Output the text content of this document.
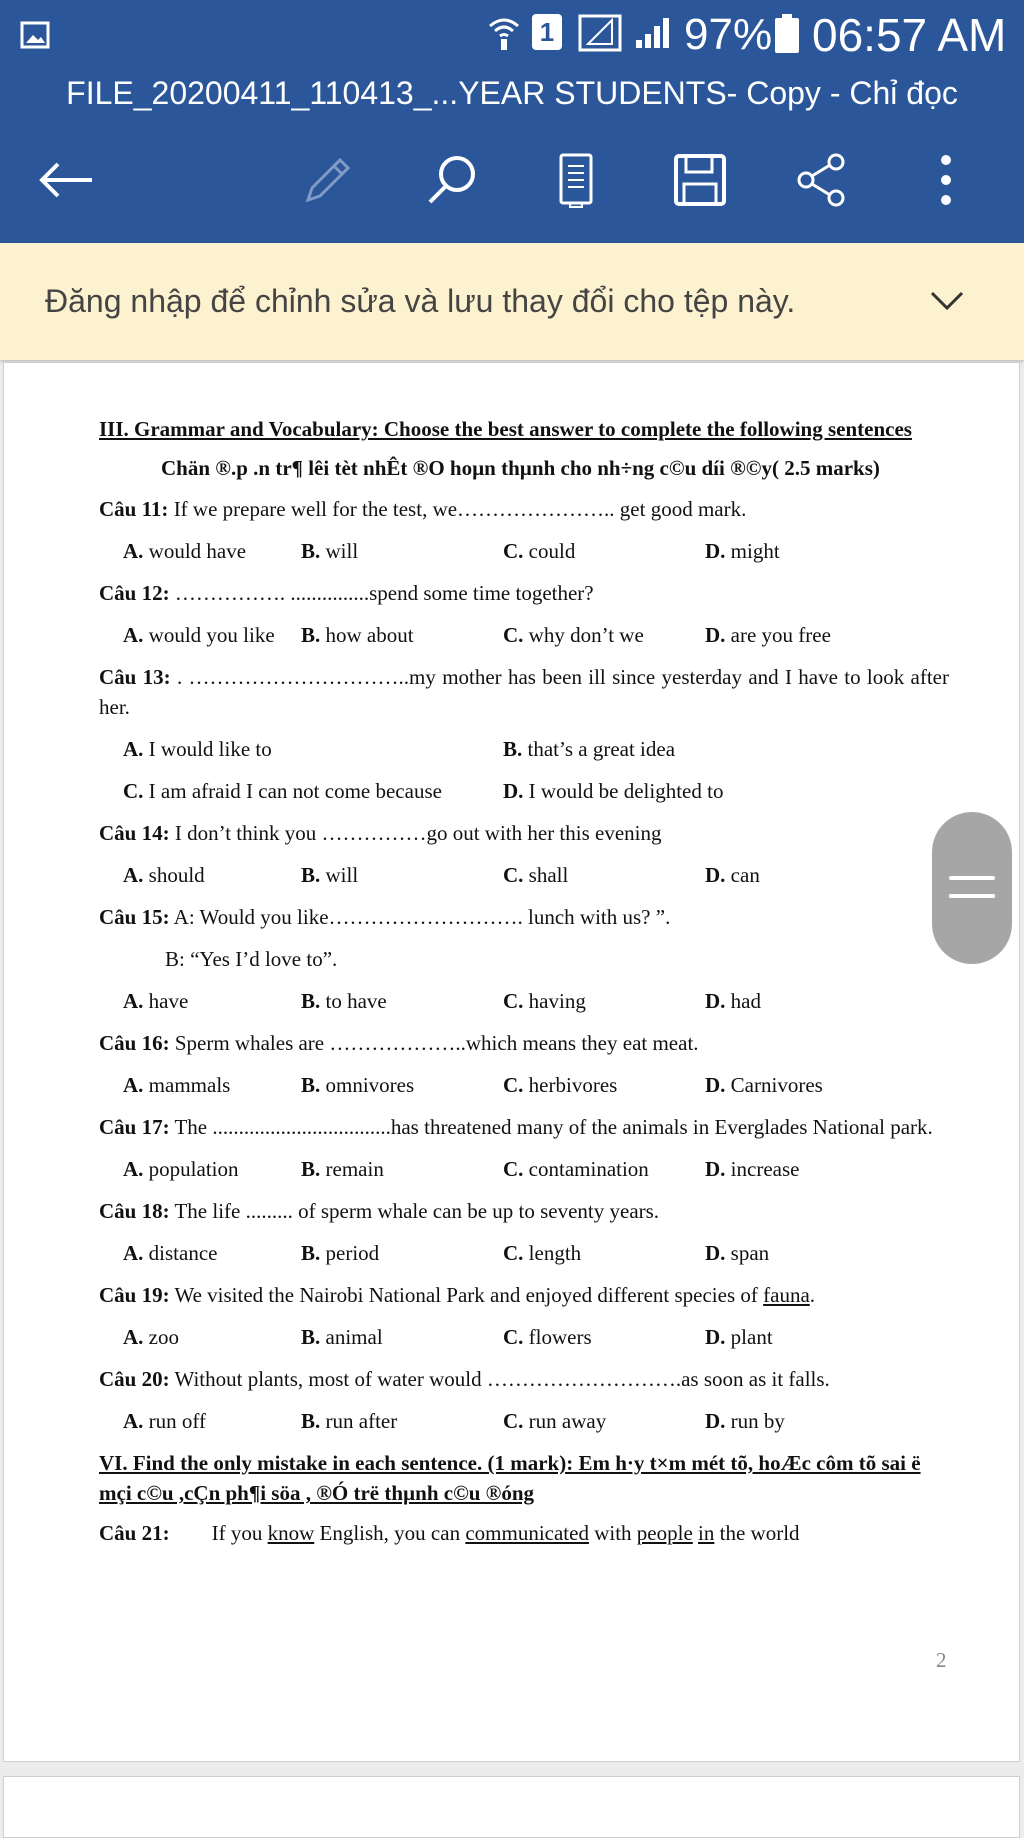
1	97% 06:57 AM
FILE_20200411_110413_...YEAR STUDENTS- Copy - Chỉ đọc
Đăng nhập để chỉnh sửa và lưu thay đổi cho tệp này.

III. Grammar and Vocabulary: Choose the best answer to complete the following sentences

Chän ®.p .n tr¶ lêi tèt nhÊt ®O hoµn thµnh cho nh÷ng c©u díi ®©y( 2.5 marks)

Câu 11: If we prepare well for the test, we………………….. get good mark.

A. would have	B. will	C. could	D. might

Câu 12: ……………. ...............spend some time together?

A. would you like	B. how about	C. why don’t we	D. are you free

Câu 13: . …………………………..my mother has been ill since yesterday and I have to look after her.

A. I would like to	B. that’s a great idea
C. I am afraid I can not come because	D. I would be delighted to

Câu 14: I don’t think you ……………go out with her this evening

A. should	B. will	C. shall	D. can

Câu 15: A: Would you like………………………. lunch with us? ”.

B: “Yes I’d love to”.

A. have	B. to have	C. having	D. had

Câu 16: Sperm whales are ………………..which means they eat meat.

A. mammals	B. omnivores	C. herbivores	D. Carnivores

Câu 17: The ..................................has threatened many of the animals in Everglades National park.

A. population	B. remain	C. contamination	D. increase

Câu 18: The life ......... of sperm whale can be up to seventy years.

A. distance	B. period	C. length	D. span

Câu 19: We visited the Nairobi National Park and enjoyed different species of fauna.

A. zoo	B. animal	C. flowers	D. plant

Câu 20: Without plants, most of water would ……………………….as soon as it falls.

A. run off	B. run after	C. run away	D. run by

VI. Find the only mistake in each sentence. (1 mark): Em h·y t×m mét tõ, hoÆc côm tõ sai ë mçi c©u ,cÇn ph¶i söa , ®Ó trë thµnh c©u ®óng

Câu 21: If you know English, you can communicated with people in the world

2
